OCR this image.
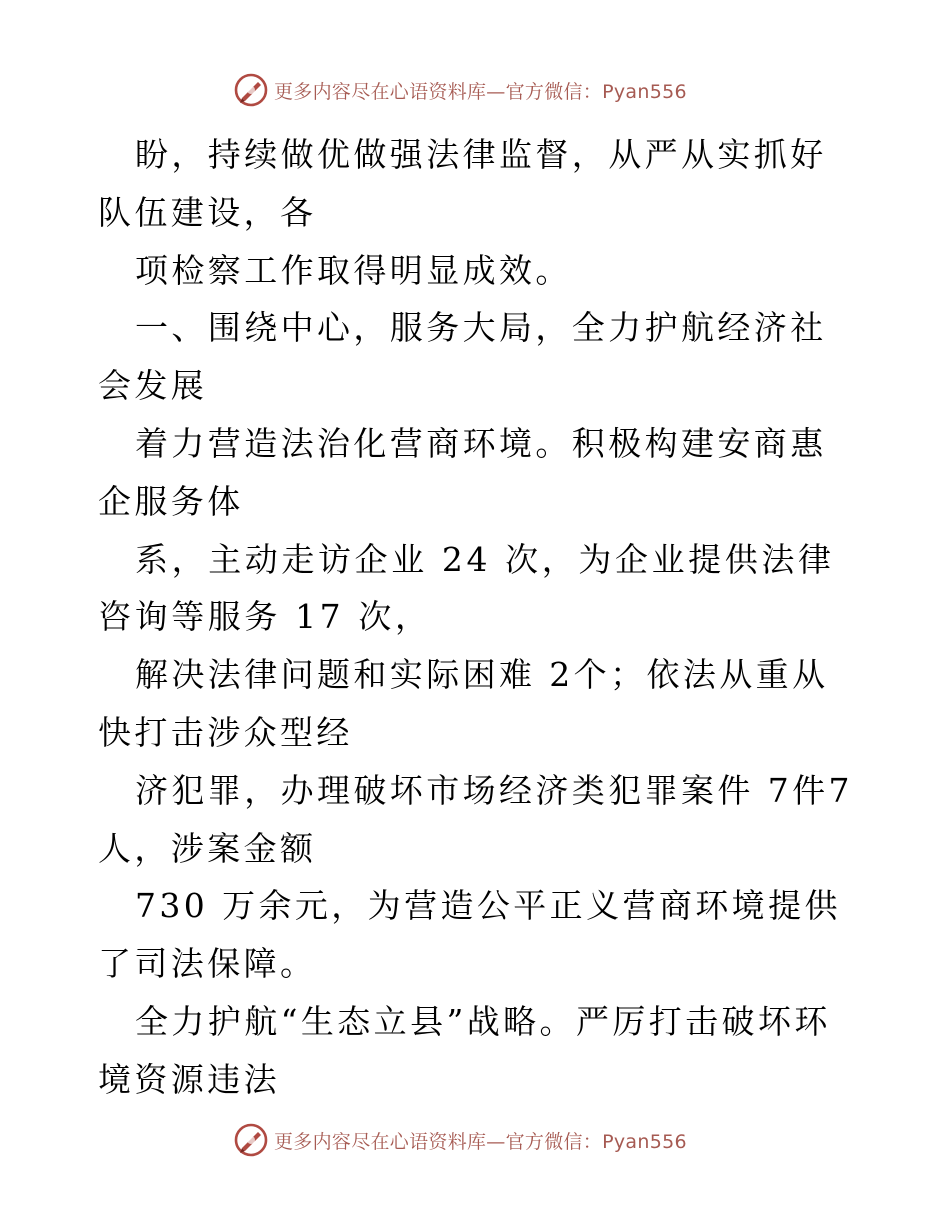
更多内容尽在心语资料库—官方微信：Pyan556

盼，持续做优做强法律监督，从严从实抓好队伍建设，各

项检察工作取得明显成效。

一、围绕中心，服务大局，全力护航经济社会发展

着力营造法治化营商环境。积极构建安商惠企服务体

系，主动走访企业 24 次，为企业提供法律咨询等服务 17 次，

解决法律问题和实际困难 2个；依法从重从快打击涉众型经

济犯罪，办理破坏市场经济类犯罪案件 7件7人，涉案金额

730 万余元，为营造公平正义营商环境提供了司法保障。

全力护航“生态立县”战略。严厉打击破坏环境资源违法

更多内容尽在心语资料库—官方微信：Pyan556
